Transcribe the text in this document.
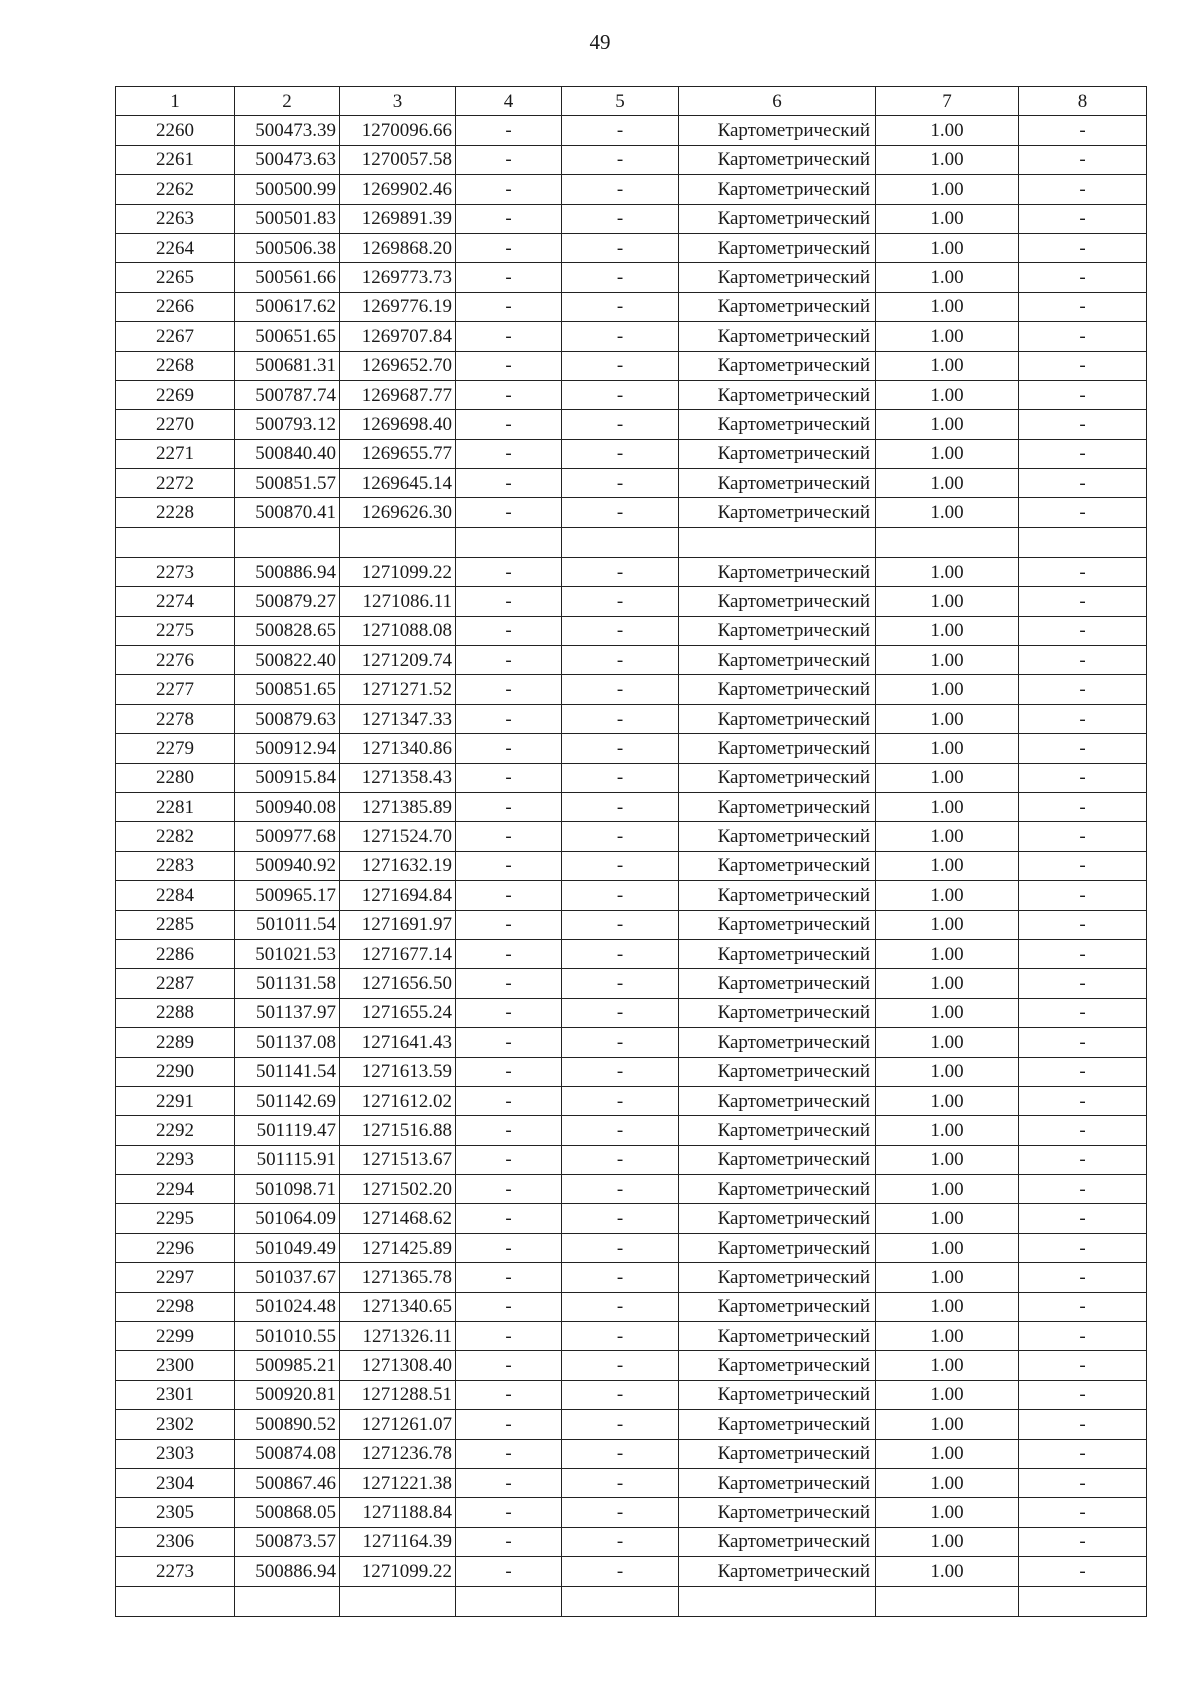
49
1	2	3	4	5	6	7	8
2260	500473.39	1270096.66	-	-	Картометрический	1.00	-
2261	500473.63	1270057.58	-	-	Картометрический	1.00	-
2262	500500.99	1269902.46	-	-	Картометрический	1.00	-
2263	500501.83	1269891.39	-	-	Картометрический	1.00	-
2264	500506.38	1269868.20	-	-	Картометрический	1.00	-
2265	500561.66	1269773.73	-	-	Картометрический	1.00	-
2266	500617.62	1269776.19	-	-	Картометрический	1.00	-
2267	500651.65	1269707.84	-	-	Картометрический	1.00	-
2268	500681.31	1269652.70	-	-	Картометрический	1.00	-
2269	500787.74	1269687.77	-	-	Картометрический	1.00	-
2270	500793.12	1269698.40	-	-	Картометрический	1.00	-
2271	500840.40	1269655.77	-	-	Картометрический	1.00	-
2272	500851.57	1269645.14	-	-	Картометрический	1.00	-
2228	500870.41	1269626.30	-	-	Картометрический	1.00	-

2273	500886.94	1271099.22	-	-	Картометрический	1.00	-
2274	500879.27	1271086.11	-	-	Картометрический	1.00	-
2275	500828.65	1271088.08	-	-	Картометрический	1.00	-
2276	500822.40	1271209.74	-	-	Картометрический	1.00	-
2277	500851.65	1271271.52	-	-	Картометрический	1.00	-
2278	500879.63	1271347.33	-	-	Картометрический	1.00	-
2279	500912.94	1271340.86	-	-	Картометрический	1.00	-
2280	500915.84	1271358.43	-	-	Картометрический	1.00	-
2281	500940.08	1271385.89	-	-	Картометрический	1.00	-
2282	500977.68	1271524.70	-	-	Картометрический	1.00	-
2283	500940.92	1271632.19	-	-	Картометрический	1.00	-
2284	500965.17	1271694.84	-	-	Картометрический	1.00	-
2285	501011.54	1271691.97	-	-	Картометрический	1.00	-
2286	501021.53	1271677.14	-	-	Картометрический	1.00	-
2287	501131.58	1271656.50	-	-	Картометрический	1.00	-
2288	501137.97	1271655.24	-	-	Картометрический	1.00	-
2289	501137.08	1271641.43	-	-	Картометрический	1.00	-
2290	501141.54	1271613.59	-	-	Картометрический	1.00	-
2291	501142.69	1271612.02	-	-	Картометрический	1.00	-
2292	501119.47	1271516.88	-	-	Картометрический	1.00	-
2293	501115.91	1271513.67	-	-	Картометрический	1.00	-
2294	501098.71	1271502.20	-	-	Картометрический	1.00	-
2295	501064.09	1271468.62	-	-	Картометрический	1.00	-
2296	501049.49	1271425.89	-	-	Картометрический	1.00	-
2297	501037.67	1271365.78	-	-	Картометрический	1.00	-
2298	501024.48	1271340.65	-	-	Картометрический	1.00	-
2299	501010.55	1271326.11	-	-	Картометрический	1.00	-
2300	500985.21	1271308.40	-	-	Картометрический	1.00	-
2301	500920.81	1271288.51	-	-	Картометрический	1.00	-
2302	500890.52	1271261.07	-	-	Картометрический	1.00	-
2303	500874.08	1271236.78	-	-	Картометрический	1.00	-
2304	500867.46	1271221.38	-	-	Картометрический	1.00	-
2305	500868.05	1271188.84	-	-	Картометрический	1.00	-
2306	500873.57	1271164.39	-	-	Картометрический	1.00	-
2273	500886.94	1271099.22	-	-	Картометрический	1.00	-
